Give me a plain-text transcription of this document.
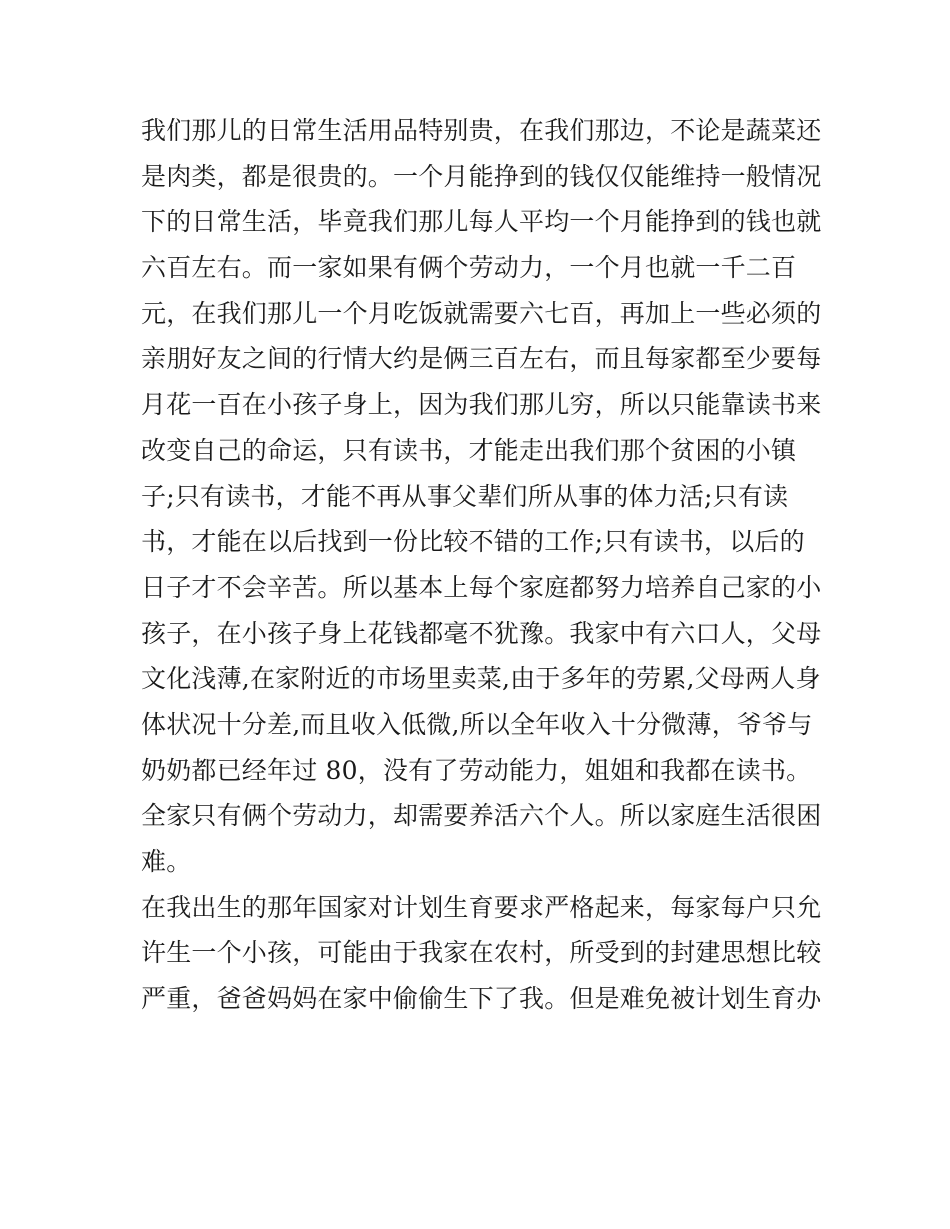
我们那儿的日常生活用品特别贵，在我们那边，不论是蔬菜还
是肉类，都是很贵的。一个月能挣到的钱仅仅能维持一般情况
下的日常生活，毕竟我们那儿每人平均一个月能挣到的钱也就
六百左右。而一家如果有俩个劳动力，一个月也就一千二百
元，在我们那儿一个月吃饭就需要六七百，再加上一些必须的
亲朋好友之间的行情大约是俩三百左右，而且每家都至少要每
月花一百在小孩子身上，因为我们那儿穷，所以只能靠读书来
改变自己的命运，只有读书，才能走出我们那个贫困的小镇
子;只有读书，才能不再从事父辈们所从事的体力活;只有读
书，才能在以后找到一份比较不错的工作;只有读书，以后的
日子才不会辛苦。所以基本上每个家庭都努力培养自己家的小
孩子，在小孩子身上花钱都毫不犹豫。我家中有六口人，父母
文化浅薄,在家附近的市场里卖菜,由于多年的劳累,父母两人身
体状况十分差,而且收入低微,所以全年收入十分微薄，爷爷与
奶奶都已经年过 80，没有了劳动能力，姐姐和我都在读书。
全家只有俩个劳动力，却需要养活六个人。所以家庭生活很困
难。
在我出生的那年国家对计划生育要求严格起来，每家每户只允
许生一个小孩，可能由于我家在农村，所受到的封建思想比较
严重，爸爸妈妈在家中偷偷生下了我。但是难免被计划生育办
